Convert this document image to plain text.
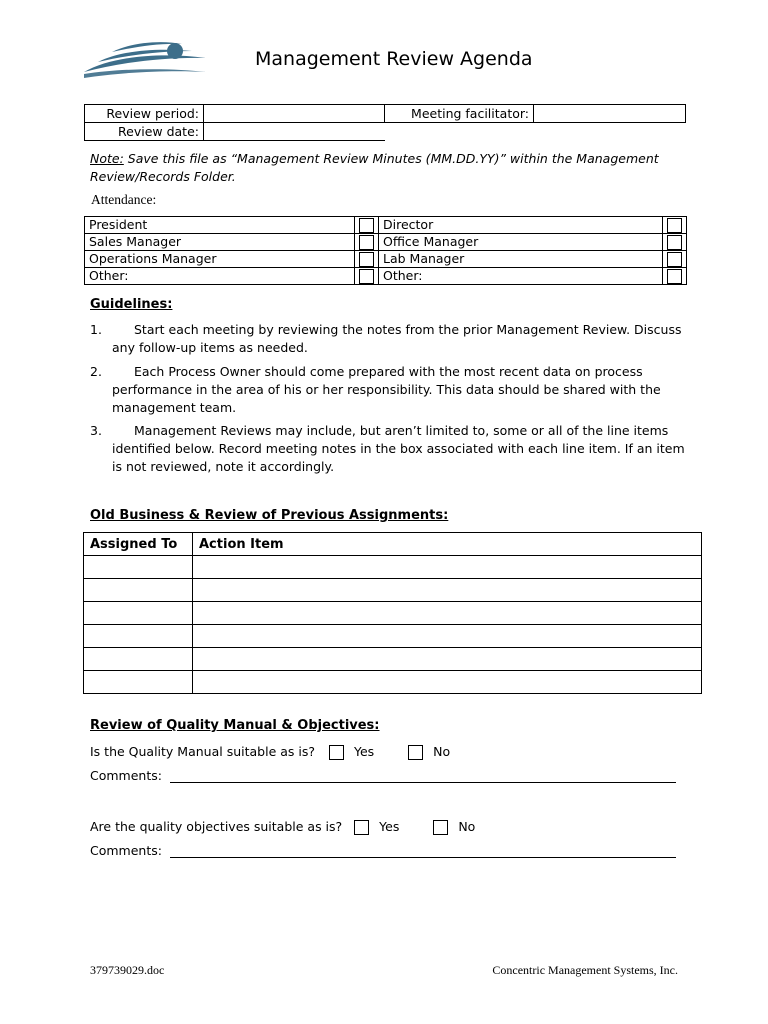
Management Review Agenda
Review period:		Meeting facilitator:	
Review date:			
Note: Save this file as “Management Review Minutes (MM.DD.YY)” within the Management Review/Records Folder.
Attendance:
President		Director	
Sales Manager		Office Manager	
Operations Manager		Lab Manager	
Other:		Other:	
Guidelines:
1.	Start each meeting by reviewing the notes from the prior Management Review. Discuss any follow-up items as needed.
2.	Each Process Owner should come prepared with the most recent data on process performance in the area of his or her responsibility. This data should be shared with the management team.
3.	Management Reviews may include, but aren’t limited to, some or all of the line items identified below. Record meeting notes in the box associated with each line item. If an item is not reviewed, note it accordingly.
Old Business & Review of Previous Assignments:
Assigned To	Action Item

Review of Quality Manual & Objectives:
Is the Quality Manual suitable as is?	Yes	No
Comments:
Are the quality objectives suitable as is?	Yes	No
Comments:
379739029.doc	Concentric Management Systems, Inc.
